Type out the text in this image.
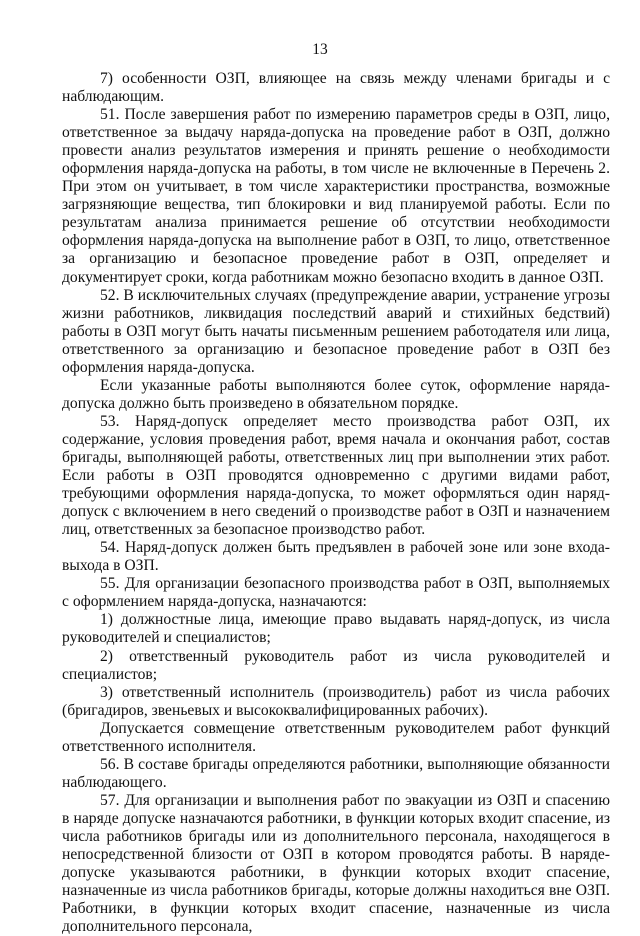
13

7) особенности ОЗП, влияющее на связь между членами бригады и с наблюдающим.

51. После завершения работ по измерению параметров среды в ОЗП, лицо, ответственное за выдачу наряда-допуска на проведение работ в ОЗП, должно провести анализ результатов измерения и принять решение о необходимости оформления наряда-допуска на работы, в том числе не включенные в Перечень 2. При этом он учитывает, в том числе характеристики пространства, возможные загрязняющие вещества, тип блокировки и вид планируемой работы. Если по результатам анализа принимается решение об отсутствии необходимости оформления наряда-допуска на выполнение работ в ОЗП, то лицо, ответственное за организацию и безопасное проведение работ в ОЗП, определяет и документирует сроки, когда работникам можно безопасно входить в данное ОЗП.

52. В исключительных случаях (предупреждение аварии, устранение угрозы жизни работников, ликвидация последствий аварий и стихийных бедствий) работы в ОЗП могут быть начаты письменным решением работодателя или лица, ответственного за организацию и безопасное проведение работ в ОЗП без оформления наряда-допуска.

Если указанные работы выполняются более суток, оформление наряда-допуска должно быть произведено в обязательном порядке.

53. Наряд-допуск определяет место производства работ ОЗП, их содержание, условия проведения работ, время начала и окончания работ, состав бригады, выполняющей работы, ответственных лиц при выполнении этих работ. Если работы в ОЗП проводятся одновременно с другими видами работ, требующими оформления наряда-допуска, то может оформляться один наряд-допуск с включением в него сведений о производстве работ в ОЗП и назначением лиц, ответственных за безопасное производство работ.

54. Наряд-допуск должен быть предъявлен в рабочей зоне или зоне входа-выхода в ОЗП.

55. Для организации безопасного производства работ в ОЗП, выполняемых с оформлением наряда-допуска, назначаются:

1) должностные лица, имеющие право выдавать наряд-допуск, из числа руководителей и специалистов;

2) ответственный руководитель работ из числа руководителей и специалистов;

3) ответственный исполнитель (производитель) работ из числа рабочих (бригадиров, звеньевых и высококвалифицированных рабочих).

Допускается совмещение ответственным руководителем работ функций ответственного исполнителя.

56. В составе бригады определяются работники, выполняющие обязанности наблюдающего.

57. Для организации и выполнения работ по эвакуации из ОЗП и спасению в наряде допуске назначаются работники, в функции которых входит спасение, из числа работников бригады или из дополнительного персонала, находящегося в непосредственной близости от ОЗП в котором проводятся работы. В наряде-допуске указываются работники, в функции которых входит спасение, назначенные из числа работников бригады, которые должны находиться вне ОЗП. Работники, в функции которых входит спасение, назначенные из числа дополнительного персонала,
